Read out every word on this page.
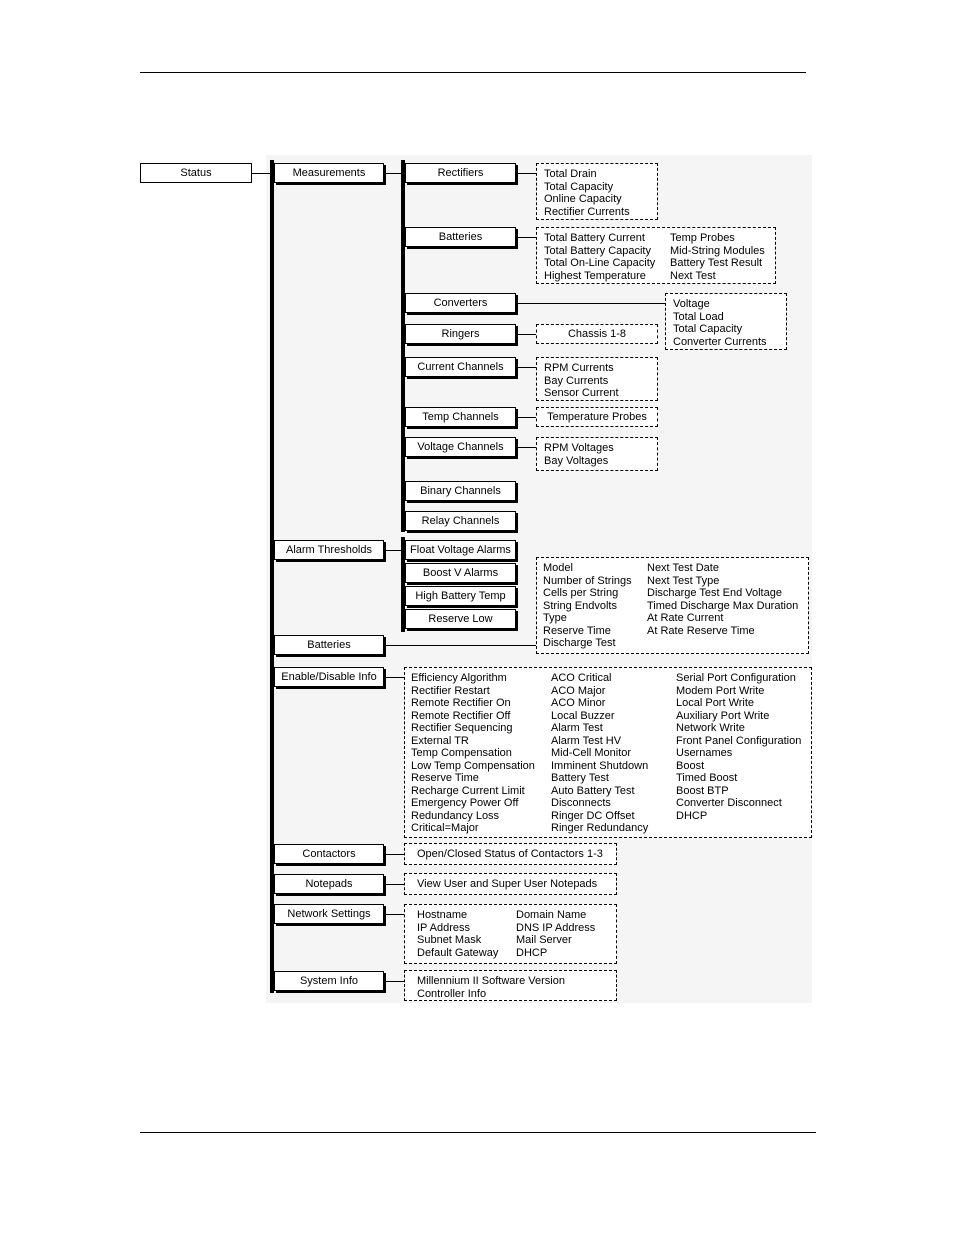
Status	Measurements
Alarm Thresholds
Batteries
Enable/Disable Info
Contactors
Notepads
Network Settings
System Info
Rectifiers
Batteries
Converters
Ringers
Current Channels
Temp Channels
Voltage Channels
Binary Channels
Relay Channels
Float Voltage Alarms
Boost V Alarms
High Battery Temp
Reserve Low
Total Drain
Total Capacity
Online Capacity
Rectifier Currents
Total Battery Current
Total Battery Capacity
Total On-Line Capacity
Highest Temperature
Temp Probes
Mid-String Modules
Battery Test Result
Next Test
Voltage
Total Load
Total Capacity
Converter Currents
Chassis 1-8
RPM Currents
Bay Currents
Sensor Current
Temperature Probes
RPM Voltages
Bay Voltages
Model
Number of Strings
Cells per String
String Endvolts
Type
Reserve Time
Discharge Test
Next Test Date
Next Test Type
Discharge Test End Voltage
Timed Discharge Max Duration
At Rate Current
At Rate Reserve Time
Efficiency Algorithm
Rectifier Restart
Remote Rectifier On
Remote Rectifier Off
Rectifier Sequencing
External TR
Temp Compensation
Low Temp Compensation
Reserve Time
Recharge Current Limit
Emergency Power Off
Redundancy Loss
Critical=Major
ACO Critical
ACO Major
ACO Minor
Local Buzzer
Alarm Test
Alarm Test HV
Mid-Cell Monitor
Imminent Shutdown
Battery Test
Auto Battery Test
Disconnects
Ringer DC Offset
Ringer Redundancy
Serial Port Configuration
Modem Port Write
Local Port Write
Auxiliary Port Write
Network Write
Front Panel Configuration
Usernames
Boost
Timed Boost
Boost BTP
Converter Disconnect
DHCP
Open/Closed Status of Contactors 1-3
View User and Super User Notepads
Hostname
IP Address
Subnet Mask
Default Gateway
Domain Name
DNS IP Address
Mail Server
DHCP
Millennium II Software Version
Controller Info
